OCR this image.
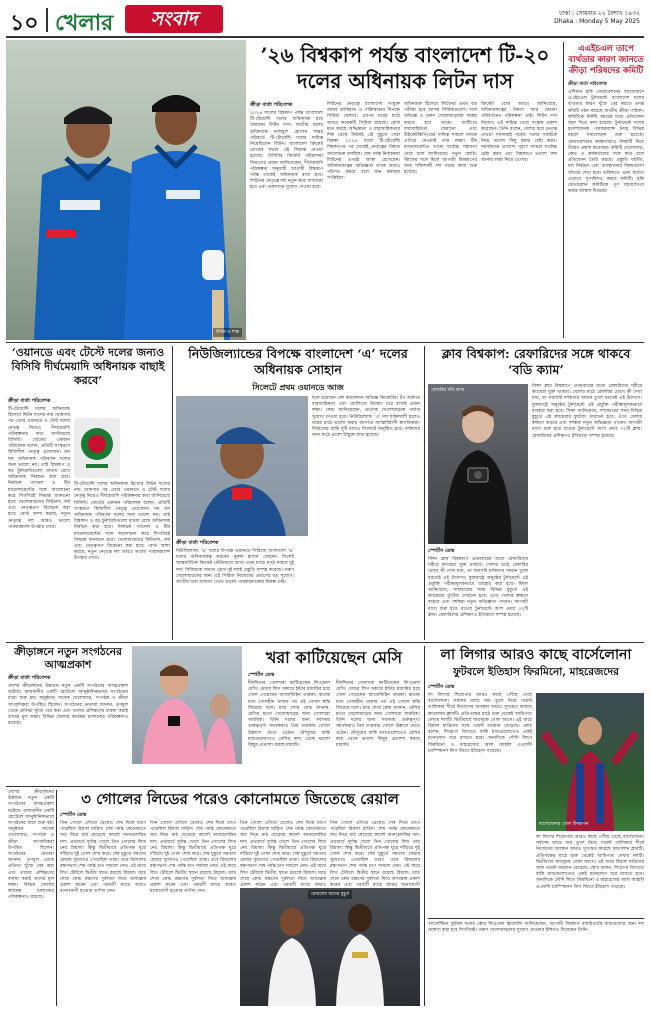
১০ খেলার	সংবাদ	ঢাকা : সোমবার ২২ বৈশাখ ১৪৩২
Dhaka : Monday 5 May 2025
লিটন ও শান্ত
’২৬ বিশ্বকাপ পর্যন্ত বাংলাদেশ টি-২০ দলের অধিনায়ক লিটন দাস
ক্রীড়া বার্তা পরিবেশক
২০২৬ সালের বিশ্বকাপ পর্যন্ত বাংলাদেশ টি-টোয়েন্টি দলের অধিনায়ক হয়ে থাকছেন লিটন দাস। জাতীয় দলের অধিনায়ক নাজমুল হোসেন শান্তর পরিবর্তে টি-টোয়েন্টি দলের দায়িত্ব নিয়েছিলেন লিটন। বাংলাদেশ ক্রিকেট বোর্ডের সভায় এই সিদ্ধান্ত নেওয়া হয়েছে। বিসিবির ক্রিকেট পরিচালনা বিভাগের প্রধান জানিয়েছেন, দীর্ঘমেয়াদি পরিকল্পনা অনুযায়ী আগামী বিশ্বকাপ পর্যন্ত তাকেই অধিনায়ক রাখা হবে। লিটনের নেতৃত্বে দল নতুন করে সাজানো হবে এবং তরুণদের সুযোগ দেওয়া হবে।
লিটনের নেতৃত্বে বাংলাদেশ সংযুক্ত আরব আমিরাত ও পাকিস্তানের বিপক্ষে সিরিজ খেলবে। এরপর ঘরের মাঠে আরও কয়েকটি সিরিজ রয়েছে। বোর্ড মনে করছে অভিজ্ঞতা ও ধারাবাহিকতার দিক থেকে লিটনই এই মুহূর্তে সেরা বিকল্প। ২০২৪ সালে টি-টোয়েন্টি বিশ্বকাপের পর থেকেই নেতৃত্বের বিষয়ে আলোচনা চলছিল। শেষ পর্যন্ত নির্বাচকরা লিটনের ওপরই আস্থা রেখেছেন। অধিনায়কত্বের অভিজ্ঞতা তাকে আরও পরিণত করবে বলে মনে করছেন সংশ্লিষ্টরা।
অধিনায়ক হিসেবে লিটনের প্রথম বড় পরীক্ষা হবে আসন্ন সিরিজগুলো। দলে অভিজ্ঞ ও তরুণ খেলোয়াড়দের সমন্বয় করতে হবে তাকে। ব্যাটিংয়ে ধারাবাহিকতা ফেরানো এবং উইকেটকিপিংয়ের দায়িত্ব সামলে দলকে এগিয়ে নেওয়াই তার লক্ষ্য। টিম ম্যানেজমেন্টও তাকে সর্বোচ্চ সহায়তা দেবে বলে জানিয়েছে। নতুন কোচিং স্টাফের সঙ্গে মিলে আগামী বিশ্বকাপের জন্য শক্তিশালী দল গড়ার কাজ শুরু হয়েছে।
ক্রিকেট বোর্ড আরও জানিয়েছে, অধিনায়কত্বের বিষয়ে আর কোনো পরিবর্তনের পরিকল্পনা নেই। লিটন দাস নিজেও এই দায়িত্ব পেয়ে সন্তোষ প্রকাশ করেছেন। তিনি বলেন, দেশের হয়ে নেতৃত্ব দেওয়া সবসময়ই গর্বের। দলের সবাইকে নিয়ে ভালো কিছু করার চেষ্টা করব। সমর্থকদের প্রত্যাশা পূরণে আমরা সর্বোচ্চ চেষ্টা করব এবং বিশ্বকাপে ভালো ফল আনার লক্ষ্য নিয়ে এগোব।
এএইচএল তাপে বার্থডার কারণ জানতে ক্রীড়া পরিষদের কমিটি
ক্রীড়া বার্তা পরিবেশক
এশিয়ান হকি ফেডারেশনের আয়োজনে এএইচএল টুর্নামেন্টে বাংলাদেশ দলের ব্যর্থতার কারণ খুঁজে বের করতে তদন্ত কমিটি গঠন করেছে জাতীয় ক্রীড়া পরিষদ। কমিটিকে নির্দিষ্ট সময়ের মধ্যে প্রতিবেদন জমা দিতে বলা হয়েছে। টুর্নামেন্টে দলের হতাশাজনক পারফরম্যান্স নিয়ে বিভিন্ন মহলে সমালোচনা শুরু হয়েছে। ফেডারেশনের কর্মকর্তারাও বিষয়টি নিয়ে উদ্বেগ প্রকাশ করেছেন। কমিটি খেলোয়াড়, কোচ ও কর্মকর্তাদের সঙ্গে কথা বলে প্রতিবেদন তৈরি করবে। প্রস্তুতি ঘাটতি, দল নির্বাচন এবং ব্যবস্থাপনার বিষয়গুলো খতিয়ে দেখা হবে। ভবিষ্যতে এমন ব্যর্থতা এড়াতে সুপারিশও করবে কমিটি। হকি ফেডারেশন কমিটিকে পূর্ণ সহযোগিতা করার আশ্বাস দিয়েছে।
‘ওয়ানডে এবং টেস্টে দলের জন্যও বিসিবি দীর্ঘমেয়াদি অধিনায়ক বাছাই করবে’
ক্রীড়া বার্তা পরিবেশক
টি-টোয়েন্টি দলের অধিনায়ক হিসেবে লিটন দাসের নাম ঘোষণার পর এবার ওয়ানডে ও টেস্ট দলের নেতৃত্ব নিয়েও দীর্ঘমেয়াদি পরিকল্পনার কথা জানিয়েছে বিসিবি। বোর্ডের একজন পরিচালক বলেন, প্রতিটি সংস্করণে স্থিতিশীল নেতৃত্ব প্রয়োজন। ঘন ঘন অধিনায়ক পরিবর্তন দলের জন্য ভালো নয়। তাই বিশ্বকাপ ও বড় টুর্নামেন্টগুলো মাথায় রেখে অধিনায়ক নির্বাচন করা হবে। নির্বাচক প্যানেল ও টিম ম্যানেজমেন্টের সঙ্গে আলোচনা করে শিগগিরই সিদ্ধান্ত জানানো হবে। খেলোয়াড়দের ফিটনেস, ফর্ম এবং নেতৃত্বগুণ বিবেচনা করা হবে। বোর্ড আশা করছে, নতুন নেতৃত্বে দল আরও ভালো পারফরম্যান্স উপহার দেবে।
টি-টোয়েন্টি দলের অধিনায়ক হিসেবে লিটন দাসের নাম ঘোষণার পর এবার ওয়ানডে ও টেস্ট দলের নেতৃত্ব নিয়েও দীর্ঘমেয়াদি পরিকল্পনার কথা জানিয়েছে বিসিবি। বোর্ডের একজন পরিচালক বলেন, প্রতিটি সংস্করণে স্থিতিশীল নেতৃত্ব প্রয়োজন। ঘন ঘন অধিনায়ক পরিবর্তন দলের জন্য ভালো নয়। তাই বিশ্বকাপ ও বড় টুর্নামেন্টগুলো মাথায় রেখে অধিনায়ক নির্বাচন করা হবে। নির্বাচক প্যানেল ও টিম ম্যানেজমেন্টের সঙ্গে আলোচনা করে শিগগিরই সিদ্ধান্ত জানানো হবে। খেলোয়াড়দের ফিটনেস, ফর্ম এবং নেতৃত্বগুণ বিবেচনা করা হবে। বোর্ড আশা করছে, নতুন নেতৃত্বে দল আরও ভালো পারফরম্যান্স উপহার দেবে।
নিউজিল্যান্ডের বিপক্ষে বাংলাদেশ ‘এ’ দলের অধিনায়ক সোহান
সিলেটে প্রথম ওয়ানডে আজ
ক্রীড়া বার্তা পরিবেশক
নিউজিল্যান্ড ‘এ’ দলের বিপক্ষে ওয়ানডে সিরিজে বাংলাদেশ ‘এ’ দলের অধিনায়কত্ব করবেন নুরুল হাসান সোহান। সিলেট আন্তর্জাতিক ক্রিকেট স্টেডিয়ামে আজ প্রথম ম্যাচে মাঠে নামবে দুই দল। সিরিজকে সামনে রেখে দুই দলই প্রস্তুতি সম্পন্ন করেছে। তরুণ খেলোয়াড়দের জন্য এই সিরিজ নিজেদের প্রমাণের বড় সুযোগ। জাতীয় দলে জায়গা পেতে ভালো পারফরম্যান্সের বিকল্প নেই।
দলে রয়েছেন বেশ কয়েকজন অভিজ্ঞ ক্রিকেটার। টপ অর্ডারে ধারাবাহিকতা এবং বোলিংয়ে নিয়ন্ত্রণ ধরে রাখাই প্রধান লক্ষ্য। কোচ জানিয়েছেন, প্রত্যেক খেলোয়াড়কে পর্যাপ্ত সুযোগ দেওয়া হবে। নিউজিল্যান্ড ‘এ’ দল শক্তিশালী হলেও ঘরের মাঠে ভালো করার ব্যাপারে আত্মবিশ্বাসী স্বাগতিকরা। সিরিজের বাকি দুটি ম্যাচও সিলেটে অনুষ্ঠিত হবে। দর্শকদের জন্য মাঠে প্রবেশ উন্মুক্ত রাখা হয়েছে।
ক্লাব বিশ্বকাপ: রেফারিদের সঙ্গে থাকবে ‘বডি ক্যাম’
রেফারির বডি ক্যাম
স্পোর্টস ডেস্ক
ফিফা ক্লাব বিশ্বকাপে প্রথমবারের মতো রেফারিদের শরীরে ক্যামেরা যুক্ত থাকবে। খেলার মাঠে রেফারির চোখে কী দেখা যায়, তা সরাসরি দর্শকদের সামনে তুলে ধরতেই এই উদ্যোগ। যুক্তরাষ্ট্রে অনুষ্ঠেয় টুর্নামেন্টে এই প্রযুক্তি পরীক্ষামূলকভাবে ব্যবহার করা হবে। ফিফা জানিয়েছে, সম্প্রচারের সময় বিভিন্ন মুহূর্তে এই ক্যামেরার ফুটেজ দেখানো হবে। এতে খেলার স্বচ্ছতা বাড়বে এবং দর্শকরা নতুন অভিজ্ঞতা পাবেন। আগামী মাসে শুরু হতে যাওয়া টুর্নামেন্টে অংশ নেবে ৩২টি ক্লাব। রেফারিদের প্রশিক্ষণও ইতিমধ্যে সম্পন্ন হয়েছে।
ফিফা ক্লাব বিশ্বকাপে প্রথমবারের মতো রেফারিদের শরীরে ক্যামেরা যুক্ত থাকবে। খেলার মাঠে রেফারির চোখে কী দেখা যায়, তা সরাসরি দর্শকদের সামনে তুলে ধরতেই এই উদ্যোগ। যুক্তরাষ্ট্রে অনুষ্ঠেয় টুর্নামেন্টে এই প্রযুক্তি পরীক্ষামূলকভাবে ব্যবহার করা হবে। ফিফা জানিয়েছে, সম্প্রচারের সময় বিভিন্ন মুহূর্তে এই ক্যামেরার ফুটেজ দেখানো হবে। এতে খেলার স্বচ্ছতা বাড়বে এবং দর্শকরা নতুন অভিজ্ঞতা পাবেন। আগামী মাসে শুরু হতে যাওয়া টুর্নামেন্টে অংশ নেবে ৩২টি ক্লাব। রেফারিদের প্রশিক্ষণও ইতিমধ্যে সম্পন্ন হয়েছে।
ক্রীড়াঙ্গনে নতুন সংগঠনের আত্মপ্রকাশ
ক্রীড়া বার্তা পরিবেশক
দেশের ক্রীড়াঙ্গনের উন্নয়নে নতুন একটি সংগঠনের আত্মপ্রকাশ ঘটেছে। রাজধানীর একটি হোটেলে আনুষ্ঠানিকভাবে সংগঠনের যাত্রা শুরু হয়। অনুষ্ঠানে সাবেক খেলোয়াড়, সংগঠক ও ক্রীড়া সাংবাদিকরা উপস্থিত ছিলেন। সংগঠনের নেতারা জানান, তৃণমূল থেকে প্রতিভা খুঁজে বের করা এবং তাদের প্রশিক্ষণের ব্যবস্থা করাই তাদের মূল লক্ষ্য। বিভিন্ন জেলায় কার্যক্রম চালানোর পরিকল্পনাও রয়েছে।
খরা কাটিয়েছেন মেসি
স্পোর্টস ডেস্ক
দীর্ঘদিনের গোলখরা কাটিয়েছেন লিওনেল মেসি। মেজর লিগ সকারে ইন্টার মায়ামির হয়ে গোল পেয়েছেন আর্জেন্টাইন তারকা। কয়েক ম্যাচ গোলহীন থাকার পর এই গোলে স্বস্তি ফিরেছে দলে। ম্যাচ শেষে কোচ জানান, মেসির মতো খেলোয়াড়ের জন্য গোলখরা সাময়িক। তিনি দলের জন্য সবসময় গুরুত্বপূর্ণ। সমর্থকরাও প্রিয় তারকার গোলে উল্লাসে মেতে ওঠেন। মৌসুমের বাকি ম্যাচগুলোতেও মেসির কাছ থেকে ভালো কিছুর প্রত্যাশা করছে মায়ামি।
দীর্ঘদিনের গোলখরা কাটিয়েছেন লিওনেল মেসি। মেজর লিগ সকারে ইন্টার মায়ামির হয়ে গোল পেয়েছেন আর্জেন্টাইন তারকা। কয়েক ম্যাচ গোলহীন থাকার পর এই গোলে স্বস্তি ফিরেছে দলে। ম্যাচ শেষে কোচ জানান, মেসির মতো খেলোয়াড়ের জন্য গোলখরা সাময়িক। তিনি দলের জন্য সবসময় গুরুত্বপূর্ণ। সমর্থকরাও প্রিয় তারকার গোলে উল্লাসে মেতে ওঠেন। মৌসুমের বাকি ম্যাচগুলোতেও মেসির কাছ থেকে ভালো কিছুর প্রত্যাশা করছে মায়ামি।
লা লিগার আরও কাছে বার্সেলোনা
ফুটবলে ইতিহাস ফিরমিনো, মাহরেজদের
স্পোর্টস ডেস্ক
লা লিগার শিরোপার আরও কাছে পৌঁছে গেছে বার্সেলোনা। সর্বশেষ ম্যাচে জয় তুলে নিয়ে পয়েন্ট তালিকার শীর্ষে নিজেদের অবস্থান আরও সুসংহত করেছে কাতালান ক্লাবটি। প্রতিপক্ষের মাঠে শুরু থেকেই আধিপত্য দেখায় দলটি। দ্বিতীয়ার্ধে জয়সূচক গোল আসে। এই জয়ে রিয়াল মাদ্রিদের সঙ্গে পয়েন্ট ব্যবধান বেড়েছে। কোচ বলেন, শিরোপা জিততে বাকি ম্যাচগুলোতেও একই মনোযোগ ধরে রাখতে হবে। অন্যদিকে সৌদি লিগে ফিরমিনো ও মাহরেজের আল আহলি এএফসি চ্যাম্পিয়নস লিগ জিতে ইতিহাস গড়েছে।
বার্সেলোনার গোল উদযাপন
লা লিগার শিরোপার আরও কাছে পৌঁছে গেছে বার্সেলোনা। সর্বশেষ ম্যাচে জয় তুলে নিয়ে পয়েন্ট তালিকার শীর্ষে নিজেদের অবস্থান আরও সুসংহত করেছে কাতালান ক্লাবটি। প্রতিপক্ষের মাঠে শুরু থেকেই আধিপত্য দেখায় দলটি। দ্বিতীয়ার্ধে জয়সূচক গোল আসে। এই জয়ে রিয়াল মাদ্রিদের সঙ্গে পয়েন্ট ব্যবধান বেড়েছে। কোচ বলেন, শিরোপা জিততে বাকি ম্যাচগুলোতেও একই মনোযোগ ধরে রাখতে হবে। অন্যদিকে সৌদি লিগে ফিরমিনো ও মাহরেজের আল আহলি এএফসি চ্যাম্পিয়নস লিগ জিতে ইতিহাস গড়েছে।
৩ গোলের লিডের পরেও কোনোমতে জিতেছে রেয়াল
স্পোর্টস ডেস্ক
তিন গোলে এগিয়ে থেকেও শেষ দিকে চাপে পড়েছিল রিয়াল মাদ্রিদ। শেষ পর্যন্ত কোনোমতে জয় নিয়ে মাঠ ছেড়েছে কার্লো আনচেলত্তির দল। প্রথমার্ধে দুর্দান্ত খেলে তিন গোলের লিড নেয় রিয়াল। কিন্তু দ্বিতীয়ার্ধে প্রতিপক্ষ ঘুরে দাঁড়িয়ে দুই গোল শোধ করে। শেষ মুহূর্তে সমতায় ফেরার সুযোগও পেয়েছিল তারা। তবে রিয়ালের রক্ষণভাগ শেষ পর্যন্ত চাপ সামলে নেয়। এই জয়ে লিগ টেবিলে দ্বিতীয় স্থানে রয়েছে রিয়াল। ম্যাচ শেষে কোচ রক্ষণের দুর্বলতা নিয়ে অসন্তোষ প্রকাশ করেন এবং পরবর্তী ম্যাচে আরও মনোযোগী হওয়ার তাগিদ দেন।
তিন গোলে এগিয়ে থেকেও শেষ দিকে চাপে পড়েছিল রিয়াল মাদ্রিদ। শেষ পর্যন্ত কোনোমতে জয় নিয়ে মাঠ ছেড়েছে কার্লো আনচেলত্তির দল। প্রথমার্ধে দুর্দান্ত খেলে তিন গোলের লিড নেয় রিয়াল। কিন্তু দ্বিতীয়ার্ধে প্রতিপক্ষ ঘুরে দাঁড়িয়ে দুই গোল শোধ করে। শেষ মুহূর্তে সমতায় ফেরার সুযোগও পেয়েছিল তারা। তবে রিয়ালের রক্ষণভাগ শেষ পর্যন্ত চাপ সামলে নেয়। এই জয়ে লিগ টেবিলে দ্বিতীয় স্থানে রয়েছে রিয়াল। ম্যাচ শেষে কোচ রক্ষণের দুর্বলতা নিয়ে অসন্তোষ প্রকাশ করেন এবং পরবর্তী ম্যাচে আরও মনোযোগী হওয়ার তাগিদ দেন।
তিন গোলে এগিয়ে থেকেও শেষ দিকে চাপে পড়েছিল রিয়াল মাদ্রিদ। শেষ পর্যন্ত কোনোমতে জয় নিয়ে মাঠ ছেড়েছে কার্লো আনচেলত্তির দল। প্রথমার্ধে দুর্দান্ত খেলে তিন গোলের লিড নেয় রিয়াল। কিন্তু দ্বিতীয়ার্ধে প্রতিপক্ষ ঘুরে দাঁড়িয়ে দুই গোল শোধ করে। শেষ মুহূর্তে সমতায় ফেরার সুযোগও পেয়েছিল তারা। তবে রিয়ালের রক্ষণভাগ শেষ পর্যন্ত চাপ সামলে নেয়। এই জয়ে লিগ টেবিলে দ্বিতীয় স্থানে রয়েছে রিয়াল। ম্যাচ শেষে কোচ রক্ষণের দুর্বলতা নিয়ে অসন্তোষ প্রকাশ করেন এবং পরবর্তী ম্যাচে আরও
তিন গোলে এগিয়ে থেকেও শেষ দিকে চাপে পড়েছিল রিয়াল মাদ্রিদ। শেষ পর্যন্ত কোনোমতে জয় নিয়ে মাঠ ছেড়েছে কার্লো আনচেলত্তির দল। প্রথমার্ধে দুর্দান্ত খেলে তিন গোলের লিড নেয় রিয়াল। কিন্তু দ্বিতীয়ার্ধে প্রতিপক্ষ ঘুরে দাঁড়িয়ে দুই গোল শোধ করে। শেষ মুহূর্তে সমতায় ফেরার সুযোগও পেয়েছিল তারা। তবে রিয়ালের রক্ষণভাগ শেষ পর্যন্ত চাপ সামলে নেয়। এই জয়ে লিগ টেবিলে দ্বিতীয় স্থানে রয়েছে রিয়াল। ম্যাচ শেষে কোচ রক্ষণের দুর্বলতা নিয়ে অসন্তোষ প্রকাশ করেন এবং পরবর্তী ম্যাচে আরও মনোযোগী
রেয়ালের জয়ের মুহূর্ত
দেশের ক্রীড়াঙ্গনের উন্নয়নে নতুন একটি সংগঠনের আত্মপ্রকাশ ঘটেছে। রাজধানীর একটি হোটেলে আনুষ্ঠানিকভাবে সংগঠনের যাত্রা শুরু হয়। অনুষ্ঠানে সাবেক খেলোয়াড়, সংগঠক ও ক্রীড়া সাংবাদিকরা উপস্থিত ছিলেন। সংগঠনের নেতারা জানান, তৃণমূল থেকে প্রতিভা খুঁজে বের করা এবং তাদের প্রশিক্ষণের ব্যবস্থা করাই তাদের মূল লক্ষ্য। বিভিন্ন জেলায় কার্যক্রম চালানোর পরিকল্পনাও রয়েছে।
আর্জেন্টিনা ফুটবল দলের কোচ লিওনেল স্কালোনি জানিয়েছেন, আগামী বিশ্বকাপ বাছাইপর্বের ম্যাচগুলোর জন্য দল ঘোষণা করা হবে শিগগিরই। তরুণ খেলোয়াড়দের সুযোগ দেওয়ার ইঙ্গিতও দিয়েছেন তিনি।
